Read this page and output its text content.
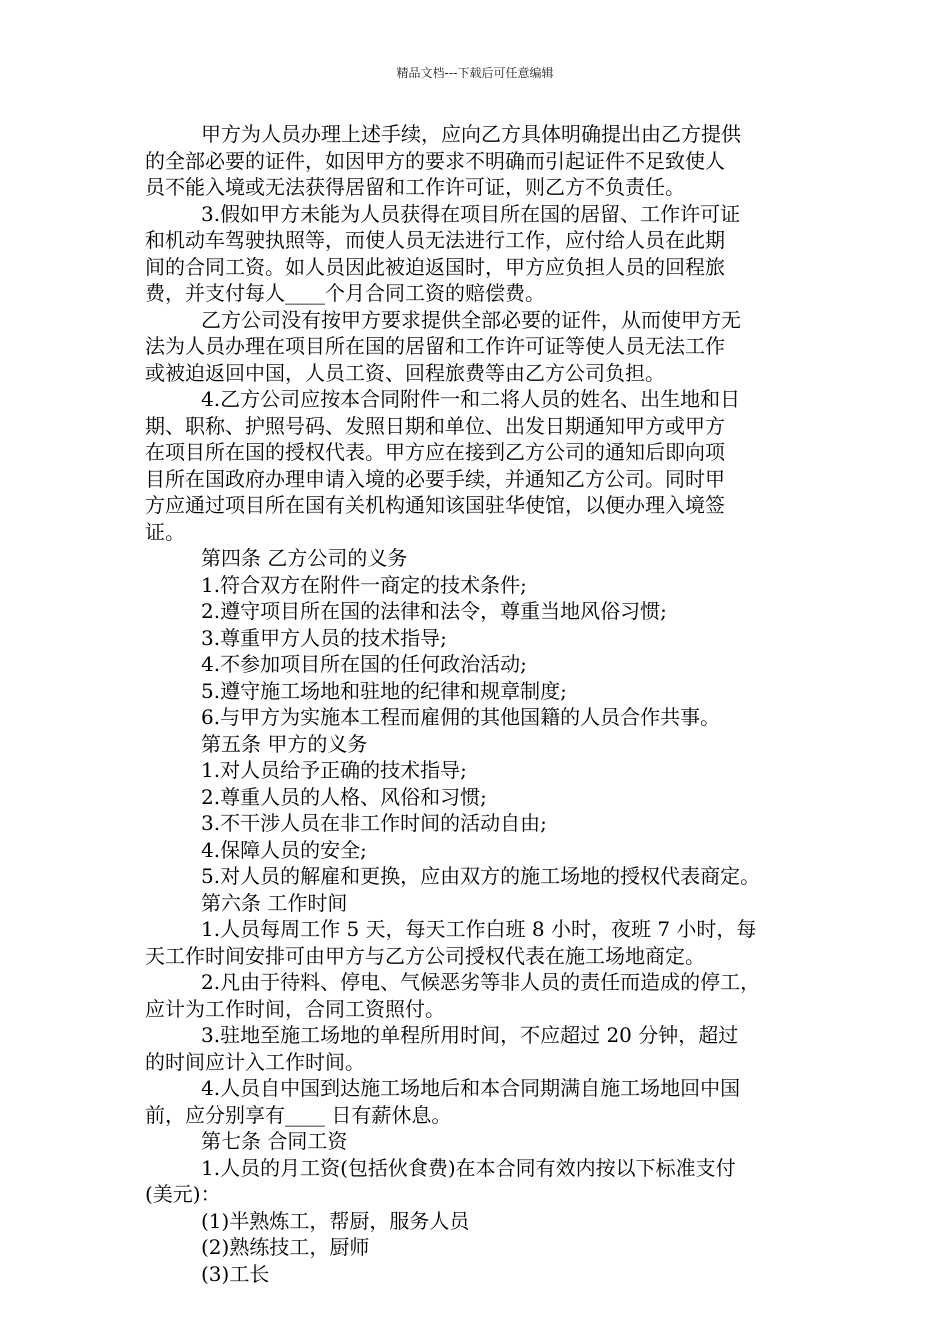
精品文档---下载后可任意编辑
甲方为人员办理上述手续，应向乙方具体明确提出由乙方提供
的全部必要的证件，如因甲方的要求不明确而引起证件不足致使人
员不能入境或无法获得居留和工作许可证，则乙方不负责任。
3.假如甲方未能为人员获得在项目所在国的居留、工作许可证
和机动车驾驶执照等，而使人员无法进行工作，应付给人员在此期
间的合同工资。如人员因此被迫返国时，甲方应负担人员的回程旅
费，并支付每人____个月合同工资的赔偿费。
乙方公司没有按甲方要求提供全部必要的证件，从而使甲方无
法为人员办理在项目所在国的居留和工作许可证等使人员无法工作
或被迫返回中国，人员工资、回程旅费等由乙方公司负担。
4.乙方公司应按本合同附件一和二将人员的姓名、出生地和日
期、职称、护照号码、发照日期和单位、出发日期通知甲方或甲方
在项目所在国的授权代表。甲方应在接到乙方公司的通知后即向项
目所在国政府办理申请入境的必要手续，并通知乙方公司。同时甲
方应通过项目所在国有关机构通知该国驻华使馆，以便办理入境签
证。
第四条 乙方公司的义务
1.符合双方在附件一商定的技术条件;
2.遵守项目所在国的法律和法令，尊重当地风俗习惯;
3.尊重甲方人员的技术指导;
4.不参加项目所在国的任何政治活动;
5.遵守施工场地和驻地的纪律和规章制度;
6.与甲方为实施本工程而雇佣的其他国籍的人员合作共事。
第五条 甲方的义务
1.对人员给予正确的技术指导;
2.尊重人员的人格、风俗和习惯;
3.不干涉人员在非工作时间的活动自由;
4.保障人员的安全;
5.对人员的解雇和更换，应由双方的施工场地的授权代表商定。
第六条 工作时间
1.人员每周工作 5 天，每天工作白班 8 小时，夜班 7 小时，每
天工作时间安排可由甲方与乙方公司授权代表在施工场地商定。
2.凡由于待料、停电、气候恶劣等非人员的责任而造成的停工，
应计为工作时间，合同工资照付。
3.驻地至施工场地的单程所用时间，不应超过 20 分钟，超过
的时间应计入工作时间。
4.人员自中国到达施工场地后和本合同期满自施工场地回中国
前，应分别享有____ 日有薪休息。
第七条 合同工资
1.人员的月工资(包括伙食费)在本合同有效内按以下标准支付
(美元)：
(1)半熟炼工，帮厨，服务人员
(2)熟练技工，厨师
(3)工长
